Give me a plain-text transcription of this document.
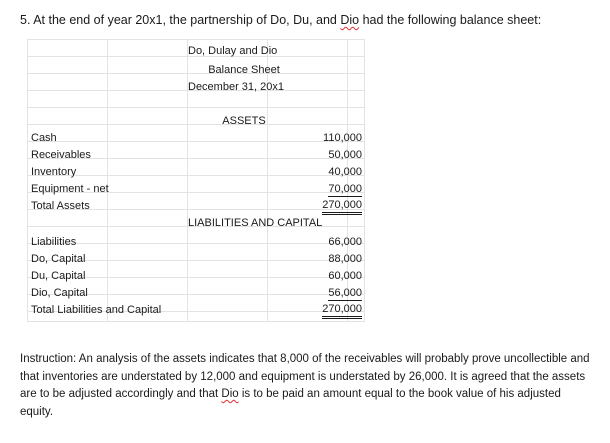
5. At the end of year 20x1, the partnership of Do, Du, and Dio had the following balance sheet:
Do, Dulay and Dio
Balance Sheet
December 31, 20x1
ASSETS
Cash	110,000
Receivables	50,000
Inventory	40,000
Equipment - net	70,000
Total Assets	270,000
LIABILITIES AND CAPITAL
Liabilities	66,000
Do, Capital	88,000
Du, Capital	60,000
Dio, Capital	56,000
Total Liabilities and Capital	270,000

Instruction: An analysis of the assets indicates that 8,000 of the receivables will probably prove uncollectible and that inventories are understated by 12,000 and equipment is understated by 26,000. It is agreed that the assets are to be adjusted accordingly and that Dio is to be paid an amount equal to the book value of his adjusted equity.
